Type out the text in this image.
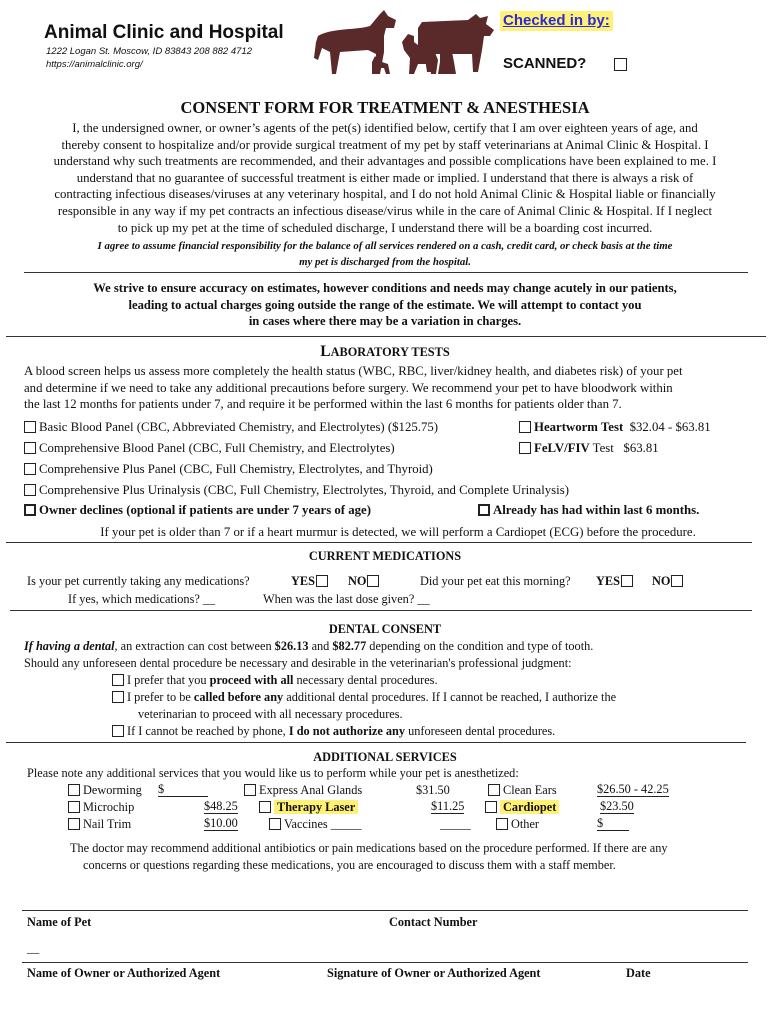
Animal Clinic and Hospital
1222 Logan St. Moscow, ID 83843 208 882 4712
https://animalclinic.org/
Checked in by:
SCANNED?
CONSENT FORM FOR TREATMENT & ANESTHESIA
I, the undersigned owner, or owner’s agents of the pet(s) identified below, certify that I am over eighteen years of age, and
thereby consent to hospitalize and/or provide surgical treatment of my pet by staff veterinarians at Animal Clinic & Hospital. I
understand why such treatments are recommended, and their advantages and possible complications have been explained to me. I
understand that no guarantee of successful treatment is either made or implied. I understand that there is always a risk of
contracting infectious diseases/viruses at any veterinary hospital, and I do not hold Animal Clinic & Hospital liable or financially
responsible in any way if my pet contracts an infectious disease/virus while in the care of Animal Clinic & Hospital. If I neglect
to pick up my pet at the time of scheduled discharge, I understand there will be a boarding cost incurred.
I agree to assume financial responsibility for the balance of all services rendered on a cash, credit card, or check basis at the time
my pet is discharged from the hospital.
We strive to ensure accuracy on estimates, however conditions and needs may change acutely in our patients,
leading to actual charges going outside the range of the estimate. We will attempt to contact you
in cases where there may be a variation in charges.
LABORATORY TESTS
A blood screen helps us assess more completely the health status (WBC, RBC, liver/kidney health, and diabetes risk) of your pet
and determine if we need to take any additional precautions before surgery. We recommend your pet to have bloodwork within
the last 12 months for patients under 7, and require it be performed within the last 6 months for patients older than 7.
Basic Blood Panel (CBC, Abbreviated Chemistry, and Electrolytes) ($125.75)	Heartworm Test $32.04 - $63.81
Comprehensive Blood Panel (CBC, Full Chemistry, and Electrolytes)	FeLV/FIV Test $63.81
Comprehensive Plus Panel (CBC, Full Chemistry, Electrolytes, and Thyroid)
Comprehensive Plus Urinalysis (CBC, Full Chemistry, Electrolytes, Thyroid, and Complete Urinalysis)
Owner declines (optional if patients are under 7 years of age)	Already has had within last 6 months.
If your pet is older than 7 or if a heart murmur is detected, we will perform a Cardiopet (ECG) before the procedure.
CURRENT MEDICATIONS
Is your pet currently taking any medications?	YES	NO	Did your pet eat this morning? YES	NO
If yes, which medications? __	When was the last dose given? __
DENTAL CONSENT
If having a dental, an extraction can cost between $26.13 and $82.77 depending on the condition and type of tooth.
Should any unforeseen dental procedure be necessary and desirable in the veterinarian's professional judgment:
I prefer that you proceed with all necessary dental procedures.
I prefer to be called before any additional dental procedures. If I cannot be reached, I authorize the
veterinarian to proceed with all necessary procedures.
If I cannot be reached by phone, I do not authorize any unforeseen dental procedures.
ADDITIONAL SERVICES
Please note any additional services that you would like us to perform while your pet is anesthetized:
Deworming $	Express Anal Glands	$31.50	Clean Ears	$26.50 - 42.25
Microchip	$48.25	Therapy Laser	$11.25	Cardiopet	$23.50
Nail Trim	$10.00	Vaccines _____	_____	Other	$
The doctor may recommend additional antibiotics or pain medications based on the procedure performed. If there are any
concerns or questions regarding these medications, you are encouraged to discuss them with a staff member.
Name of Pet	Contact Number
__
Name of Owner or Authorized Agent	Signature of Owner or Authorized Agent	Date
